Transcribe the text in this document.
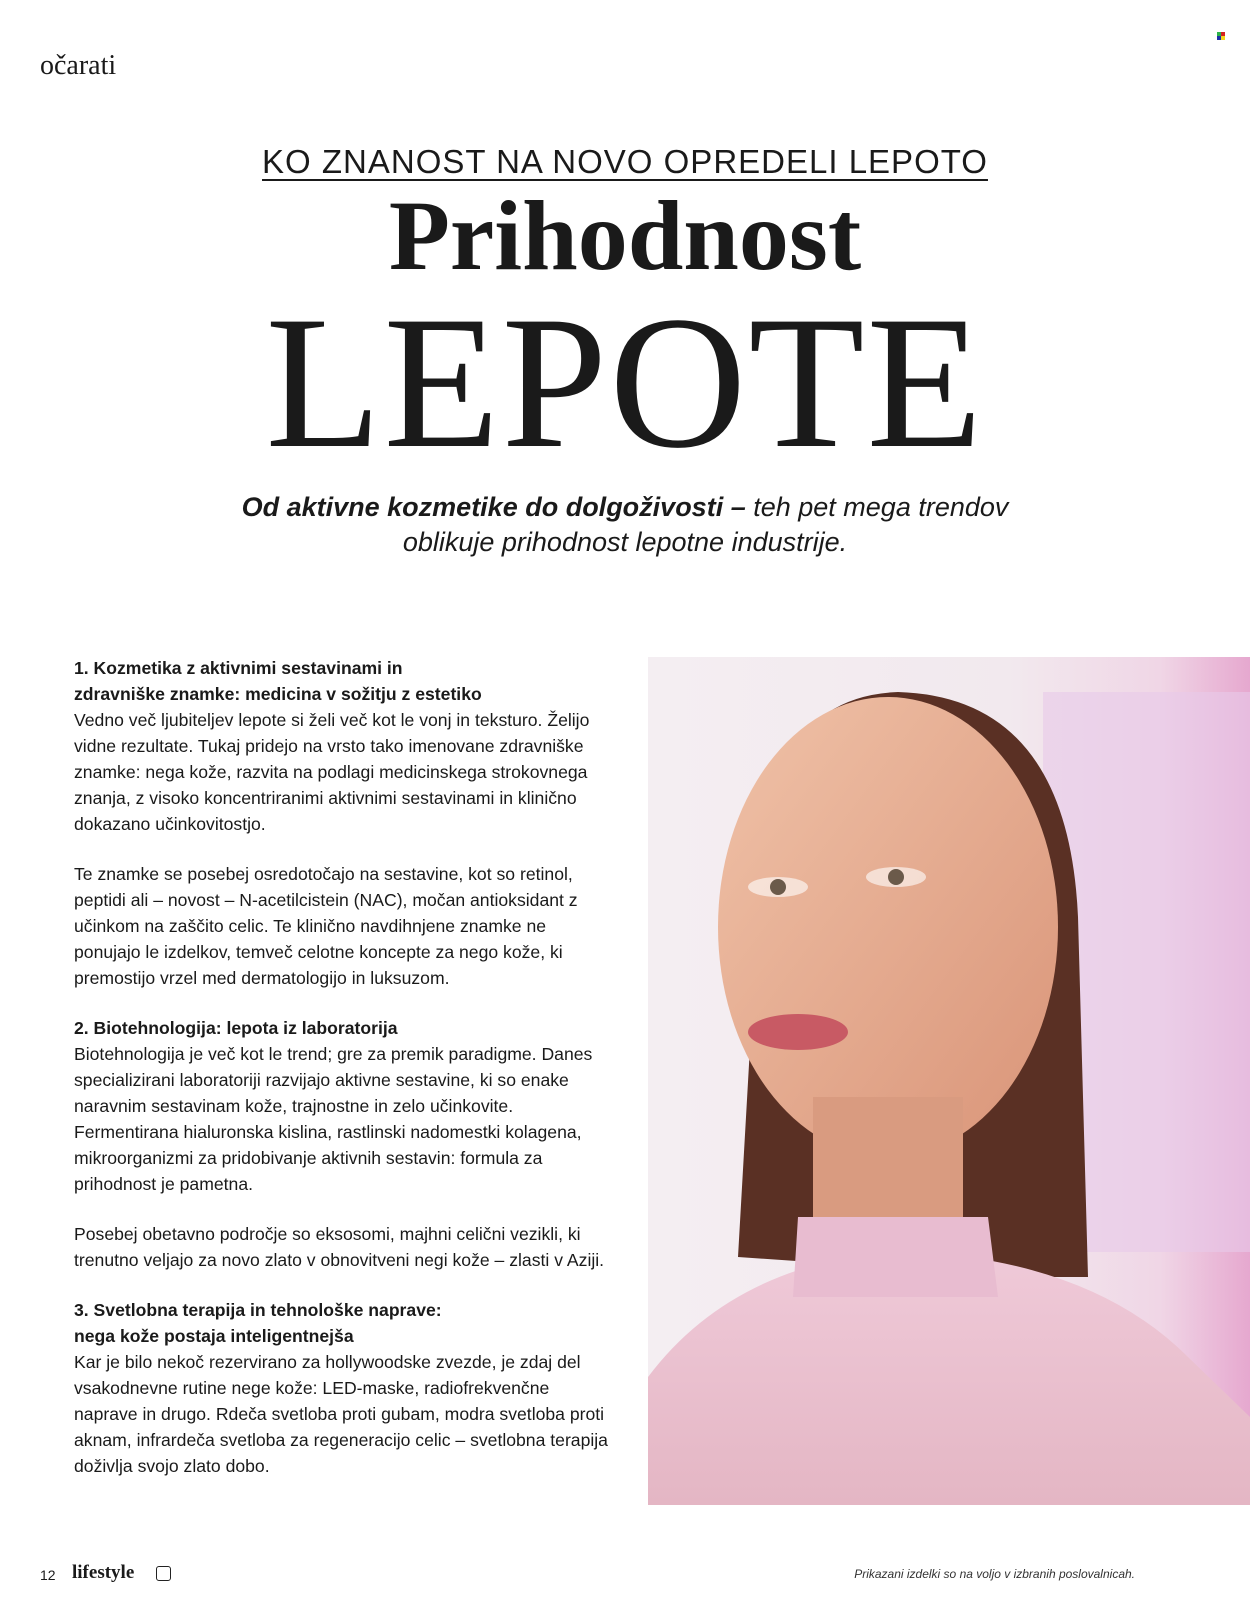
očarati
KO ZNANOST NA NOVO OPREDELI LEPOTO
Prihodnost
LEPOTE
Od aktivne kozmetike do dolgoživosti – teh pet mega trendov
oblikuje prihodnost lepotne industrije.
1. Kozmetika z aktivnimi sestavinami in
zdravniške znamke: medicina v sožitju z estetiko

Vedno več ljubiteljev lepote si želi več kot le vonj in teksturo. Želijo vidne rezultate. Tukaj pridejo na vrsto tako imenovane zdravniške znamke: nega kože, razvita na podlagi medicinskega strokovnega znanja, z visoko koncentriranimi aktivnimi sestavinami in klinično dokazano učinkovitostjo.

Te znamke se posebej osredotočajo na sestavine, kot so retinol, peptidi ali – novost – N-acetilcistein (NAC), močan antioksidant z učinkom na zaščito celic. Te klinično navdihnjene znamke ne ponujajo le izdelkov, temveč celotne koncepte za nego kože, ki premostijo vrzel med dermatologijo in luksuzom.

2. Biotehnologija: lepota iz laboratorija

Biotehnologija je več kot le trend; gre za premik paradigme. Danes specializirani laboratoriji razvijajo aktivne sestavine, ki so enake naravnim sestavinam kože, trajnostne in zelo učinkovite. Fermentirana hialuronska kislina, rastlinski nadomestki kolagena, mikroorganizmi za pridobivanje aktivnih sestavin: formula za prihodnost je pametna.

Posebej obetavno področje so eksosomi, majhni celični vezikli, ki trenutno veljajo za novo zlato v obnovitveni negi kože – zlasti v Aziji.

3. Svetlobna terapija in tehnološke naprave:
nega kože postaja inteligentnejša

Kar je bilo nekoč rezervirano za hollywoodske zvezde, je zdaj del vsakodnevne rutine nege kože: LED-maske, radiofrekvenčne naprave in drugo. Rdeča svetloba proti gubam, modra svetloba proti aknam, infrardeča svetloba za regeneracijo celic – svetlobna terapija doživlja svojo zlato dobo.

12 lifestyle	Prikazani izdelki so na voljo v izbranih poslovalnicah.
